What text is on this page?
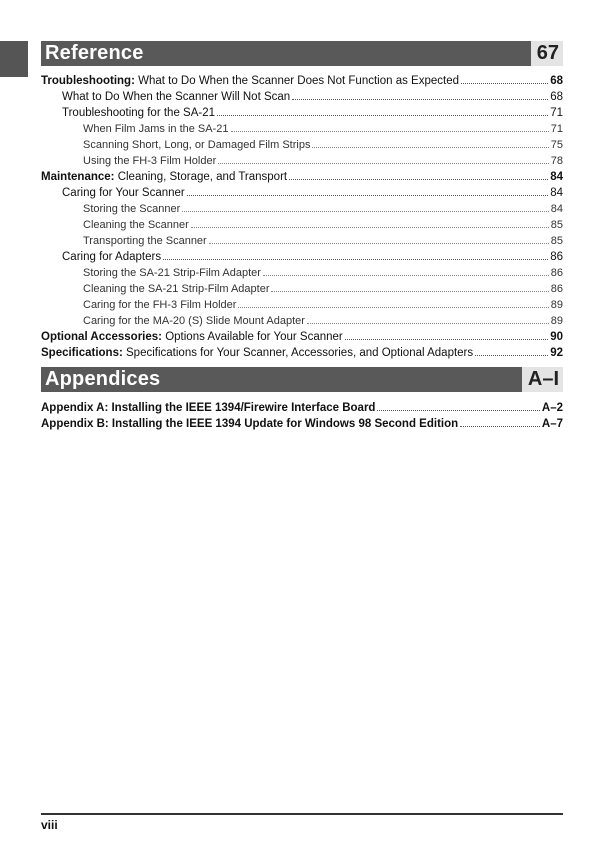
Reference	67
Troubleshooting: What to Do When the Scanner Does Not Function as Expected	68
What to Do When the Scanner Will Not Scan	68
Troubleshooting for the SA-21	71
When Film Jams in the SA-21	71
Scanning Short, Long, or Damaged Film Strips	75
Using the FH-3 Film Holder	78
Maintenance: Cleaning, Storage, and Transport	84
Caring for Your Scanner	84
Storing the Scanner	84
Cleaning the Scanner	85
Transporting the Scanner	85
Caring for Adapters	86
Storing the SA-21 Strip-Film Adapter	86
Cleaning the SA-21 Strip-Film Adapter	86
Caring for the FH-3 Film Holder	89
Caring for the MA-20 (S) Slide Mount Adapter	89
Optional Accessories: Options Available for Your Scanner	90
Specifications: Specifications for Your Scanner, Accessories, and Optional Adapters	92
Appendices	A–I
Appendix A: Installing the IEEE 1394/Firewire Interface Board	A–2
Appendix B: Installing the IEEE 1394 Update for Windows 98 Second Edition	A–7
viii
